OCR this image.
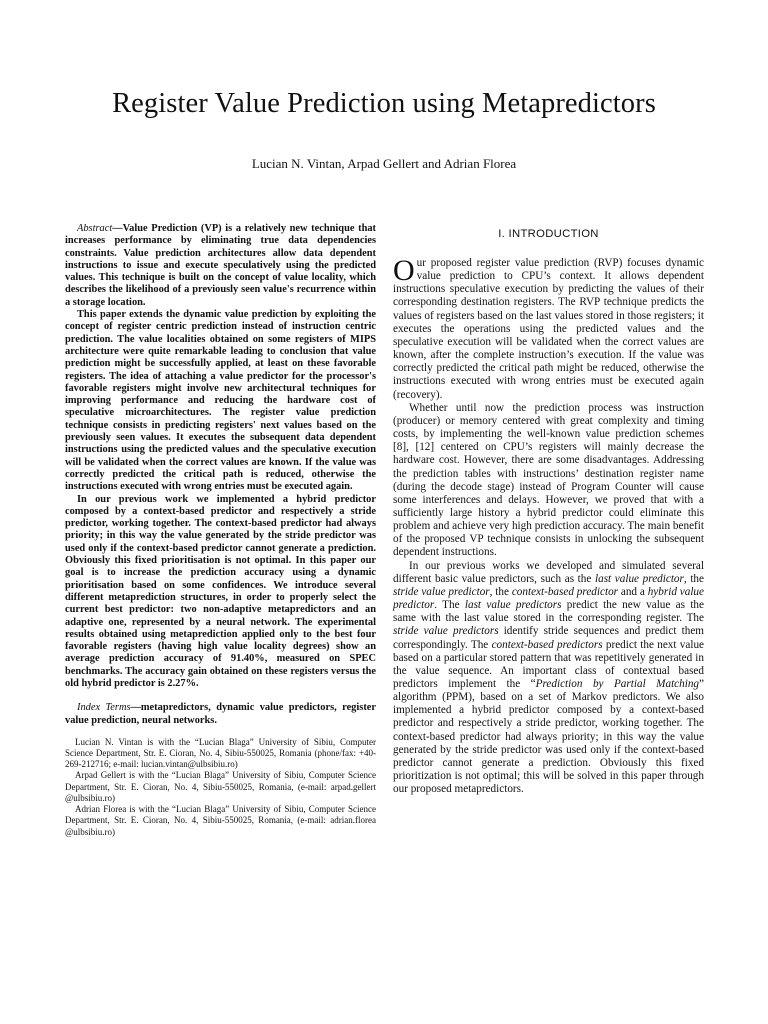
Register Value Prediction using Metapredictors
Lucian N. Vintan, Arpad Gellert and Adrian Florea

Abstract—Value Prediction (VP) is a relatively new technique that increases performance by eliminating true data dependencies constraints. Value prediction architectures allow data dependent instructions to issue and execute speculatively using the predicted values. This technique is built on the concept of value locality, which describes the likelihood of a previously seen value's recurrence within a storage location.

This paper extends the dynamic value prediction by exploiting the concept of register centric prediction instead of instruction centric prediction. The value localities obtained on some registers of MIPS architecture were quite remarkable leading to conclusion that value prediction might be successfully applied, at least on these favorable registers. The idea of attaching a value predictor for the processor's favorable registers might involve new architectural techniques for improving performance and reducing the hardware cost of speculative microarchitectures. The register value prediction technique consists in predicting registers' next values based on the previously seen values. It executes the subsequent data dependent instructions using the predicted values and the speculative execution will be validated when the correct values are known. If the value was correctly predicted the critical path is reduced, otherwise the instructions executed with wrong entries must be executed again.

In our previous work we implemented a hybrid predictor composed by a context-based predictor and respectively a stride predictor, working together. The context-based predictor had always priority; in this way the value generated by the stride predictor was used only if the context-based predictor cannot generate a prediction. Obviously this fixed prioritisation is not optimal. In this paper our goal is to increase the prediction accuracy using a dynamic prioritisation based on some confidences. We introduce several different metaprediction structures, in order to properly select the current best predictor: two non-adaptive metapredictors and an adaptive one, represented by a neural network. The experimental results obtained using metaprediction applied only to the best four favorable registers (having high value locality degrees) show an average prediction accuracy of 91.40%, measured on SPEC benchmarks. The accuracy gain obtained on these registers versus the old hybrid predictor is 2.27%.

Index Terms—metapredictors, dynamic value predictors, register value prediction, neural networks.

Lucian N. Vintan is with the “Lucian Blaga” University of Sibiu, Computer Science Department, Str. E. Cioran, No. 4, Sibiu-550025, Romania (phone/fax: +40-269-212716; e-mail: lucian.vintan@ulbsibiu.ro)

Arpad Gellert is with the “Lucian Blaga” University of Sibiu, Computer Science Department, Str. E. Cioran, No. 4, Sibiu-550025, Romania, (e-mail: arpad.gellert @ulbsibiu.ro)

Adrian Florea is with the “Lucian Blaga” University of Sibiu, Computer Science Department, Str. E. Cioran, No. 4, Sibiu-550025, Romania, (e-mail: adrian.florea @ulbsibiu.ro)

I. INTRODUCTION

Our proposed register value prediction (RVP) focuses dynamic value prediction to CPU’s context. It allows dependent instructions speculative execution by predicting the values of their corresponding destination registers. The RVP technique predicts the values of registers based on the last values stored in those registers; it executes the operations using the predicted values and the speculative execution will be validated when the correct values are known, after the complete instruction’s execution. If the value was correctly predicted the critical path might be reduced, otherwise the instructions executed with wrong entries must be executed again (recovery).

Whether until now the prediction process was instruction (producer) or memory centered with great complexity and timing costs, by implementing the well-known value prediction schemes [8], [12] centered on CPU’s registers will mainly decrease the hardware cost. However, there are some disadvantages. Addressing the prediction tables with instructions’ destination register name (during the decode stage) instead of Program Counter will cause some interferences and delays. However, we proved that with a sufficiently large history a hybrid predictor could eliminate this problem and achieve very high prediction accuracy. The main benefit of the proposed VP technique consists in unlocking the subsequent dependent instructions.

In our previous works we developed and simulated several different basic value predictors, such as the last value predictor, the stride value predictor, the context-based predictor and a hybrid value predictor. The last value predictors predict the new value as the same with the last value stored in the corresponding register. The stride value predictors identify stride sequences and predict them correspondingly. The context-based predictors predict the next value based on a particular stored pattern that was repetitively generated in the value sequence. An important class of contextual based predictors implement the “Prediction by Partial Matching” algorithm (PPM), based on a set of Markov predictors. We also implemented a hybrid predictor composed by a context-based predictor and respectively a stride predictor, working together. The context-based predictor had always priority; in this way the value generated by the stride predictor was used only if the context-based predictor cannot generate a prediction. Obviously this fixed prioritization is not optimal; this will be solved in this paper through our proposed metapredictors.
